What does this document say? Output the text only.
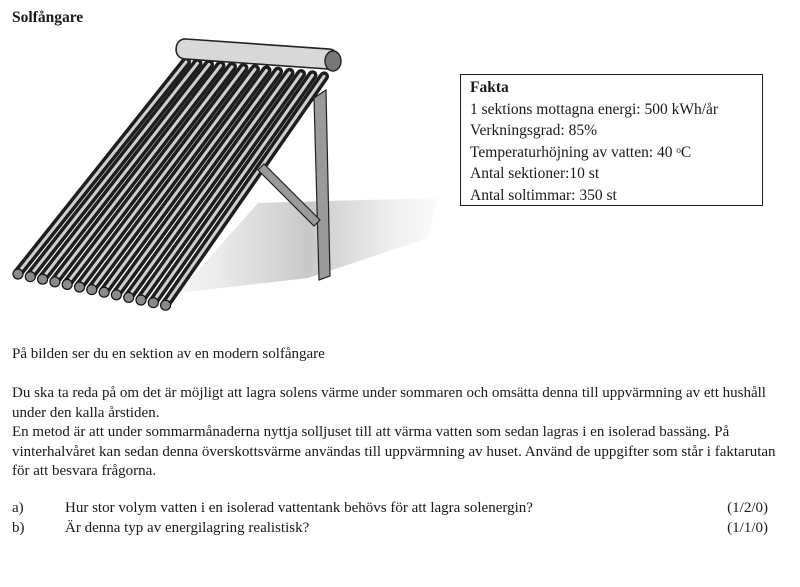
Solfångare
Fakta
1 sektions mottagna energi: 500 kWh/år
Verkningsgrad: 85%
Temperaturhöjning av vatten: 40 ᵒC
Antal sektioner:10 st
Antal soltimmar: 350 st
På bilden ser du en sektion av en modern solfångare

Du ska ta reda på om det är möjligt att lagra solens värme under sommaren och omsätta denna till uppvärmning av ett hushåll under den kalla årstiden.

En metod är att under sommarmånaderna nyttja solljuset till att värma vatten som sedan lagras i en isolerad bassäng. På vinterhalvåret kan sedan denna överskottsvärme användas till uppvärmning av huset. Använd de uppgifter som står i faktarutan för att besvara frågorna.

a)	Hur stor volym vatten i en isolerad vattentank behövs för att lagra solenergin?	(1/2/0)
b)	Är denna typ av energilagring realistisk?	(1/1/0)
